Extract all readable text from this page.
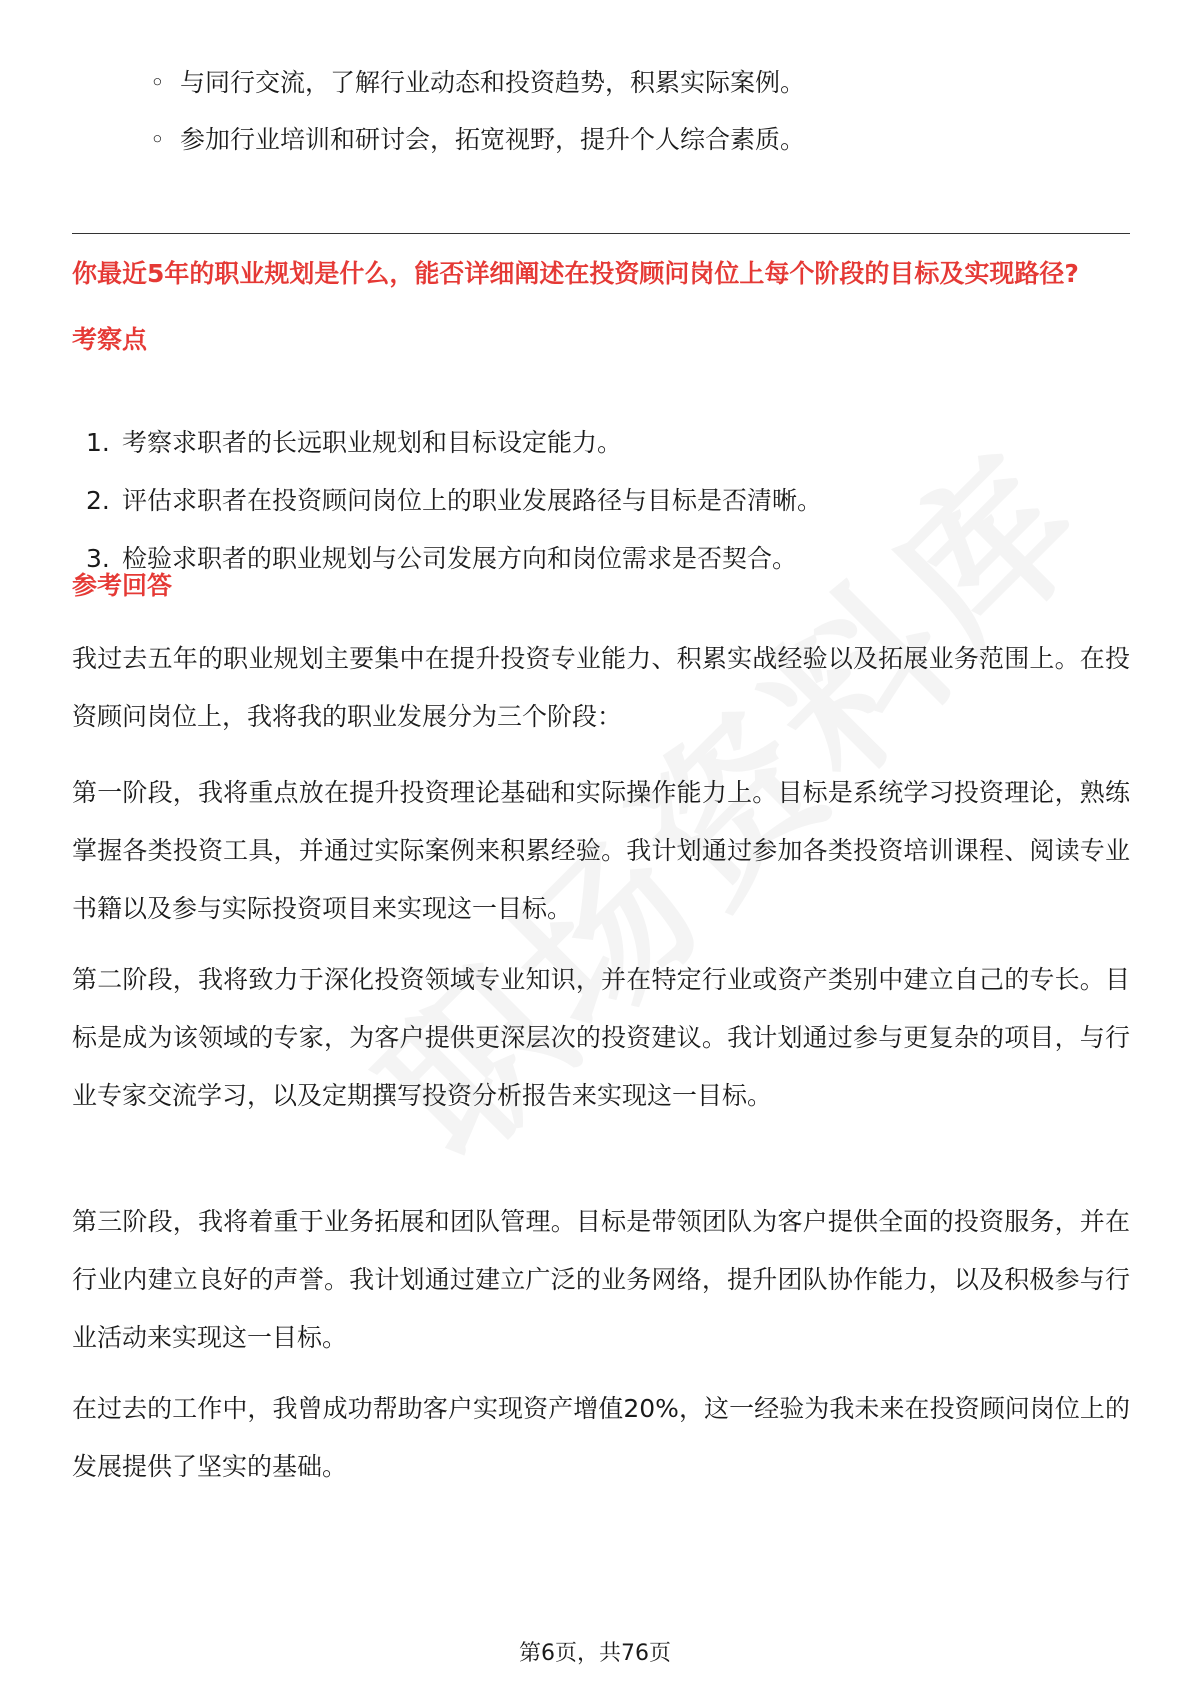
◦ 与同行交流，了解行业动态和投资趋势，积累实际案例。
◦ 参加行业培训和研讨会，拓宽视野，提升个人综合素质。
你最近5年的职业规划是什么，能否详细阐述在投资顾问岗位上每个阶段的目标及实现路径?
考察点
1. 考察求职者的长远职业规划和目标设定能力。
2. 评估求职者在投资顾问岗位上的职业发展路径与目标是否清晰。
3. 检验求职者的职业规划与公司发展方向和岗位需求是否契合。
参考回答

我过去五年的职业规划主要集中在提升投资专业能力、积累实战经验以及拓展业务范围上。在投资顾问岗位上，我将我的职业发展分为三个阶段：

第一阶段，我将重点放在提升投资理论基础和实际操作能力上。目标是系统学习投资理论，熟练掌握各类投资工具，并通过实际案例来积累经验。我计划通过参加各类投资培训课程、阅读专业书籍以及参与实际投资项目来实现这一目标。

第二阶段，我将致力于深化投资领域专业知识，并在特定行业或资产类别中建立自己的专长。目标是成为该领域的专家，为客户提供更深层次的投资建议。我计划通过参与更复杂的项目，与行业专家交流学习，以及定期撰写投资分析报告来实现这一目标。

第三阶段，我将着重于业务拓展和团队管理。目标是带领团队为客户提供全面的投资服务，并在行业内建立良好的声誉。我计划通过建立广泛的业务网络，提升团队协作能力，以及积极参与行业活动来实现这一目标。

在过去的工作中，我曾成功帮助客户实现资产增值20%，这一经验为我未来在投资顾问岗位上的发展提供了坚实的基础。

第6页，共76页
